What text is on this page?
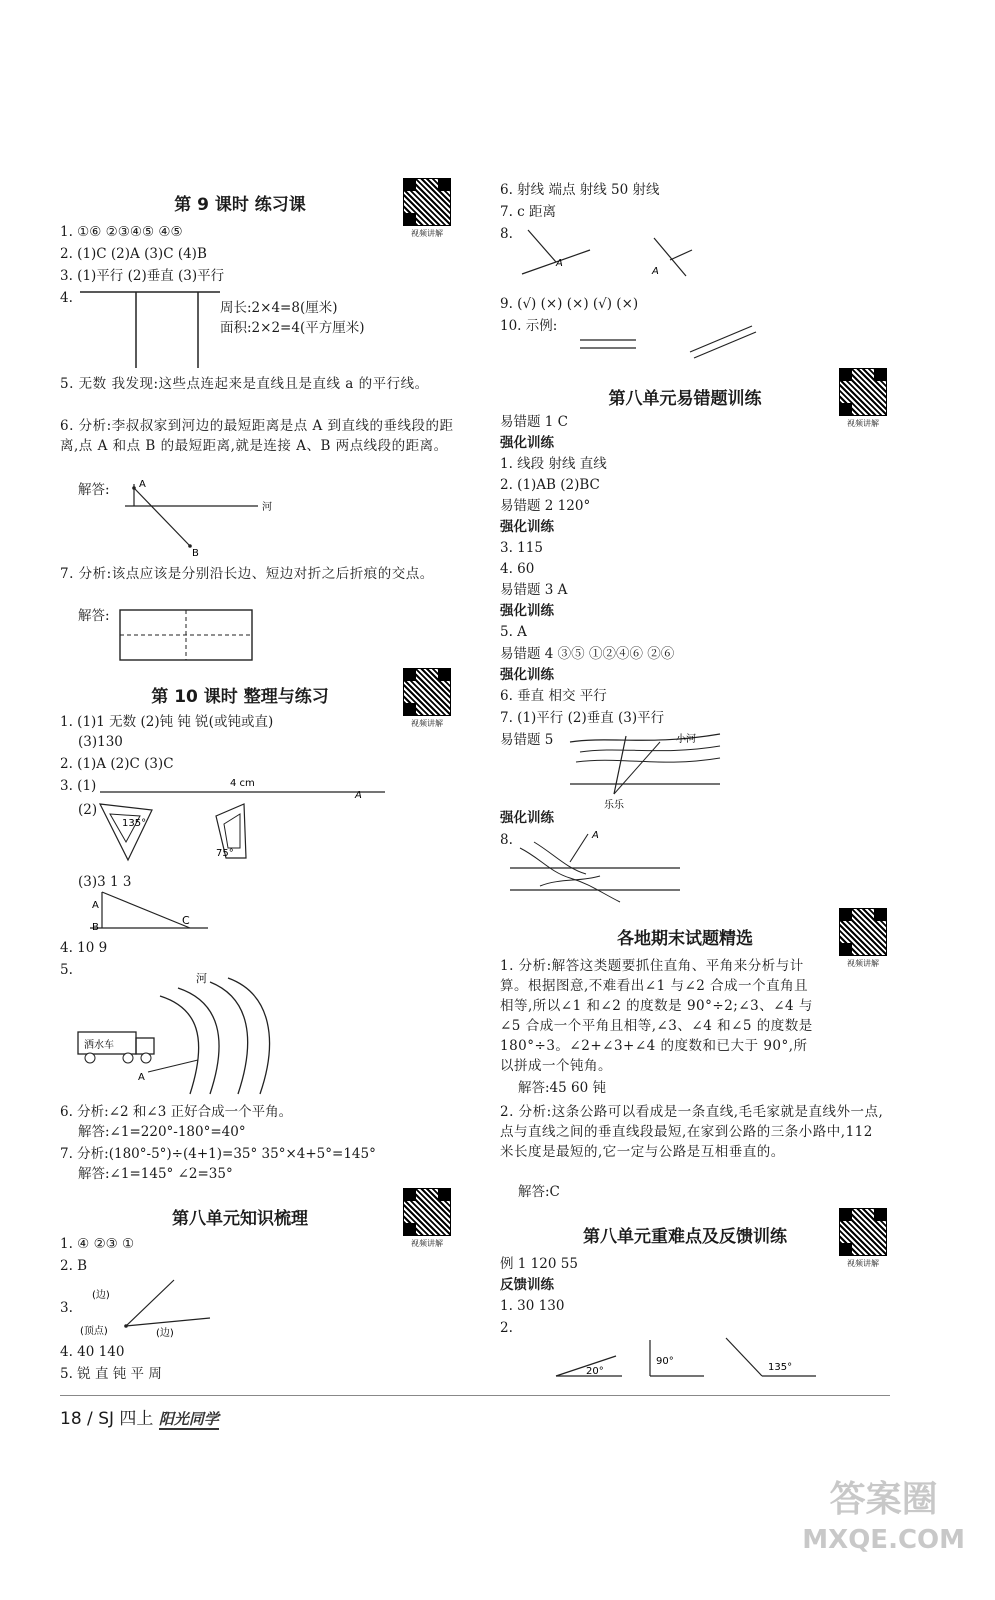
第 9 课时 练习课
视频讲解
1. ①⑥ ②③④⑤ ④⑤
2. (1)C (2)A (3)C (4)B
3. (1)平行 (2)垂直 (3)平行
4.
周长:2×4=8(厘米)
面积:2×2=4(平方厘米)
5. 无数 我发现:这些点连起来是直线且是直线 a 的平行线。
6. 分析:李叔叔家到河边的最短距离是点 A 到直线的垂线段的距离,点 A 和点 B 的最短距离,就是连接 A、B 两点线段的距离。
解答:	A
B
河
7. 分析:该点应该是分别沿长边、短边对折之后折痕的交点。
解答:
第 10 课时 整理与练习
视频讲解
1. (1)1 无数 (2)钝 钝 锐(或钝或直)
(3)130
2. (1)A (2)C (3)C
3. (1)	4 cm
A
(2)
135°
75°
(3)3 1 3
A
B
C
4. 10 9
5.
河
洒水车
A
6. 分析:∠2 和∠3 正好合成一个平角。
解答:∠1=220°-180°=40°
7. 分析:(180°-5°)÷(4+1)=35° 35°×4+5°=145°
解答:∠1=145° ∠2=35°
第八单元知识梳理
视频讲解
1. ④ ②③ ①
2. B
3.
(边)
(顶点)	(边)
4. 40 140
5. 锐 直 钝 平 周
6. 射线 端点 射线 50 射线
7. c 距离
8.
A
A
9. (√) (×) (×) (√) (×)
10. 示例:
第八单元易错题训练
视频讲解
易错题 1 C
强化训练
1. 线段 射线 直线
2. (1)AB (2)BC
易错题 2 120°
强化训练
3. 115
4. 60
易错题 3 A
强化训练
5. A
易错题 4 ③⑤ ①②④⑥ ②⑥
强化训练
6. 垂直 相交 平行
7. (1)平行 (2)垂直 (3)平行
易错题 5	小河
乐乐
强化训练
8.	A
各地期末试题精选
视频讲解
1. 分析:解答这类题要抓住直角、平角来分析与计算。根据图意,不难看出∠1 与∠2 合成一个直角且相等,所以∠1 和∠2 的度数是 90°÷2;∠3、∠4 与∠5 合成一个平角且相等,∠3、∠4 和∠5 的度数是 180°÷3。∠2+∠3+∠4 的度数和已大于 90°,所以拼成一个钝角。
解答:45 60 钝
2. 分析:这条公路可以看成是一条直线,毛毛家就是直线外一点,点与直线之间的垂直线段最短,在家到公路的三条小路中,112 米长度是最短的,它一定与公路是互相垂直的。
解答:C
第八单元重难点及反馈训练
视频讲解
例 1 120 55
反馈训练
1. 30 130
2.
20°
90°
135°
18 / SJ 四上 阳光同学
答案圈
MXQE.COM
